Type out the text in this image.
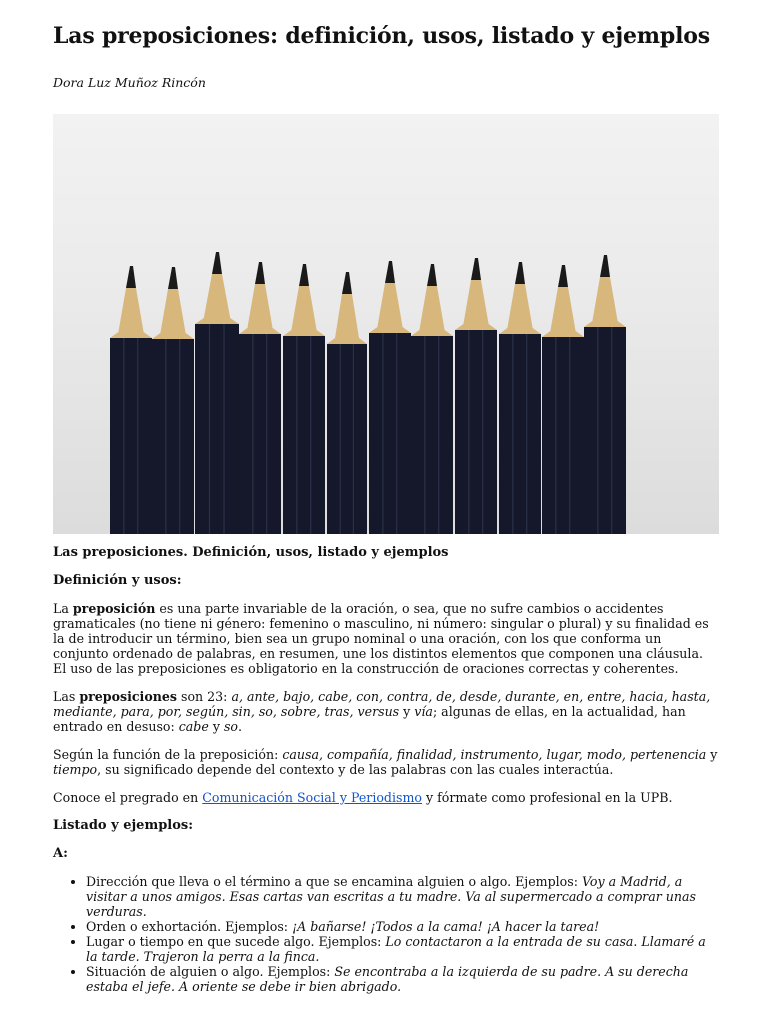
Las preposiciones: definición, usos, listado y ejemplos
Dora Luz Muñoz Rincón

Las preposiciones. Definición, usos, listado y ejemplos

Definición y usos:

La preposición es una parte invariable de la oración, o sea, que no sufre cambios o accidentes gramaticales (no tiene ni género: femenino o masculino, ni número: singular o plural) y su finalidad es la de introducir un término, bien sea un grupo nominal o una oración, con los que conforma un conjunto ordenado de palabras, en resumen, une los distintos elementos que componen una cláusula. El uso de las preposiciones es obligatorio en la construcción de oraciones correctas y coherentes.

Las preposiciones son 23: a, ante, bajo, cabe, con, contra, de, desde, durante, en, entre, hacia, hasta, mediante, para, por, según, sin, so, sobre, tras, versus y vía; algunas de ellas, en la actualidad, han entrado en desuso: cabe y so.

Según la función de la preposición: causa, compañía, finalidad, instrumento, lugar, modo, pertenencia y tiempo, su significado depende del contexto y de las palabras con las cuales interactúa.

Conoce el pregrado en Comunicación Social y Periodismo y fórmate como profesional en la UPB.

Listado y ejemplos:

A:

• Dirección que lleva o el término a que se encamina alguien o algo. Ejemplos: Voy a Madrid, a visitar a unos amigos. Esas cartas van escritas a tu madre. Va al supermercado a comprar unas verduras.
• Orden o exhortación. Ejemplos: ¡A bañarse! ¡Todos a la cama! ¡A hacer la tarea!
• Lugar o tiempo en que sucede algo. Ejemplos: Lo contactaron a la entrada de su casa. Llamaré a la tarde. Trajeron la perra a la finca.
• Situación de alguien o algo. Ejemplos: Se encontraba a la izquierda de su padre. A su derecha estaba el jefe. A oriente se debe ir bien abrigado.
